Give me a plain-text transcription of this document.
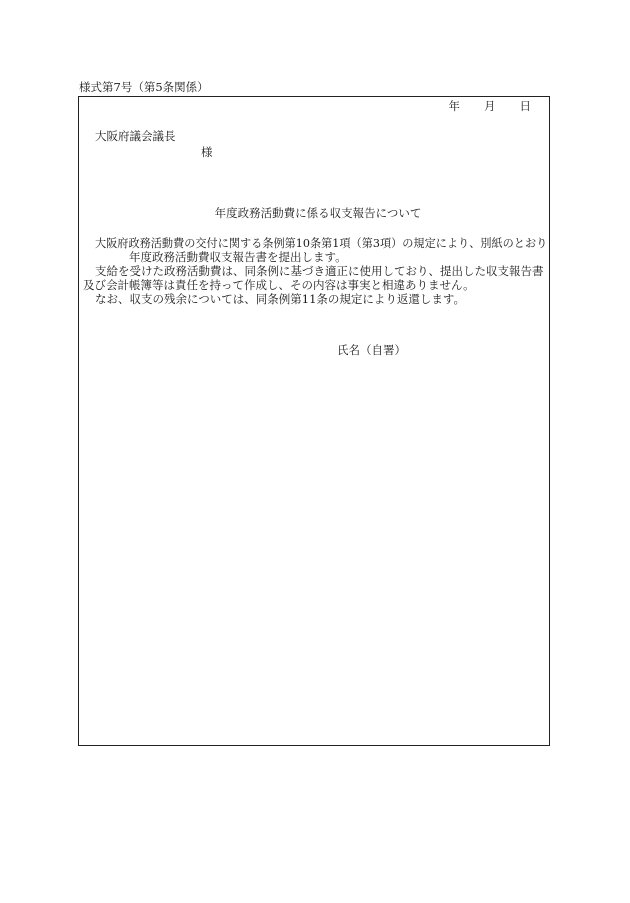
様式第7号（第5条関係）
年 月 日
大阪府議会議長
様
年度政務活動費に係る収支報告について
大阪府政務活動費の交付に関する条例第10条第1項（第3項）の規定により、別紙のとおり
年度政務活動費収支報告書を提出します。
支給を受けた政務活動費は、同条例に基づき適正に使用しており、提出した収支報告書
及び会計帳簿等は責任を持って作成し、その内容は事実と相違ありません。
なお、収支の残余については、同条例第11条の規定により返還します。
氏名（自署）
